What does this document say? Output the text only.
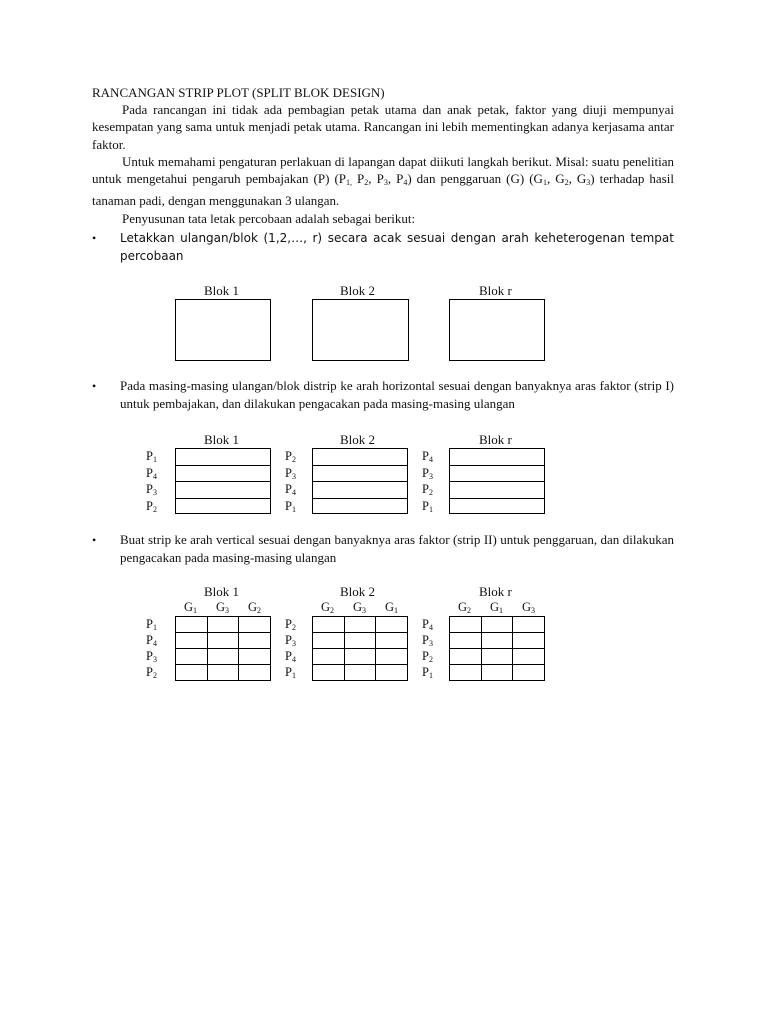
RANCANGAN STRIP PLOT (SPLIT BLOK DESIGN)

Pada rancangan ini tidak ada pembagian petak utama dan anak petak, faktor yang diuji mempunyai kesempatan yang sama untuk menjadi petak utama. Rancangan ini lebih mementingkan adanya kerjasama antar faktor.

Untuk memahami pengaturan perlakuan di lapangan dapat diikuti langkah berikut. Misal: suatu penelitian untuk mengetahui pengaruh pembajakan (P) ($P_{1,}$ $P_2$, $P_3$, $P_4$) dan penggaruan (G) ($G_1$, $G_2$, $G_3$) terhadap hasil tanaman padi, dengan menggunakan 3 ulangan.

Penyusunan tata letak percobaan adalah sebagai berikut:

• Letakkan ulangan/blok (1,2,…, r) secara acak sesuai dengan arah keheterogenan tempat percobaan
Blok 1	Blok 2	Blok r
• Pada masing-masing ulangan/blok distrip ke arah horizontal sesuai dengan banyaknya aras faktor (strip I) untuk pembajakan, dan dilakukan pengacakan pada masing-masing ulangan
Blok 1	Blok 2	Blok r
$P_1$
$P_4$
$P_3$
$P_2$
$P_2$
$P_3$
$P_4$
$P_1$
$P_4$
$P_3$
$P_2$
$P_1$
• Buat strip ke arah vertical sesuai dengan banyaknya aras faktor (strip II) untuk penggaruan, dan dilakukan pengacakan pada masing-masing ulangan
Blok 1	Blok 2	Blok r
$G_1$ $G_3$ $G_2$
$P_1$
$P_4$
$P_3$
$P_2$

$G_2$ $G_3$ $G_1$
$P_2$
$P_3$
$P_4$
$P_1$

$G_2$ $G_1$ $G_3$
$P_4$
$P_3$
$P_2$
$P_1$
